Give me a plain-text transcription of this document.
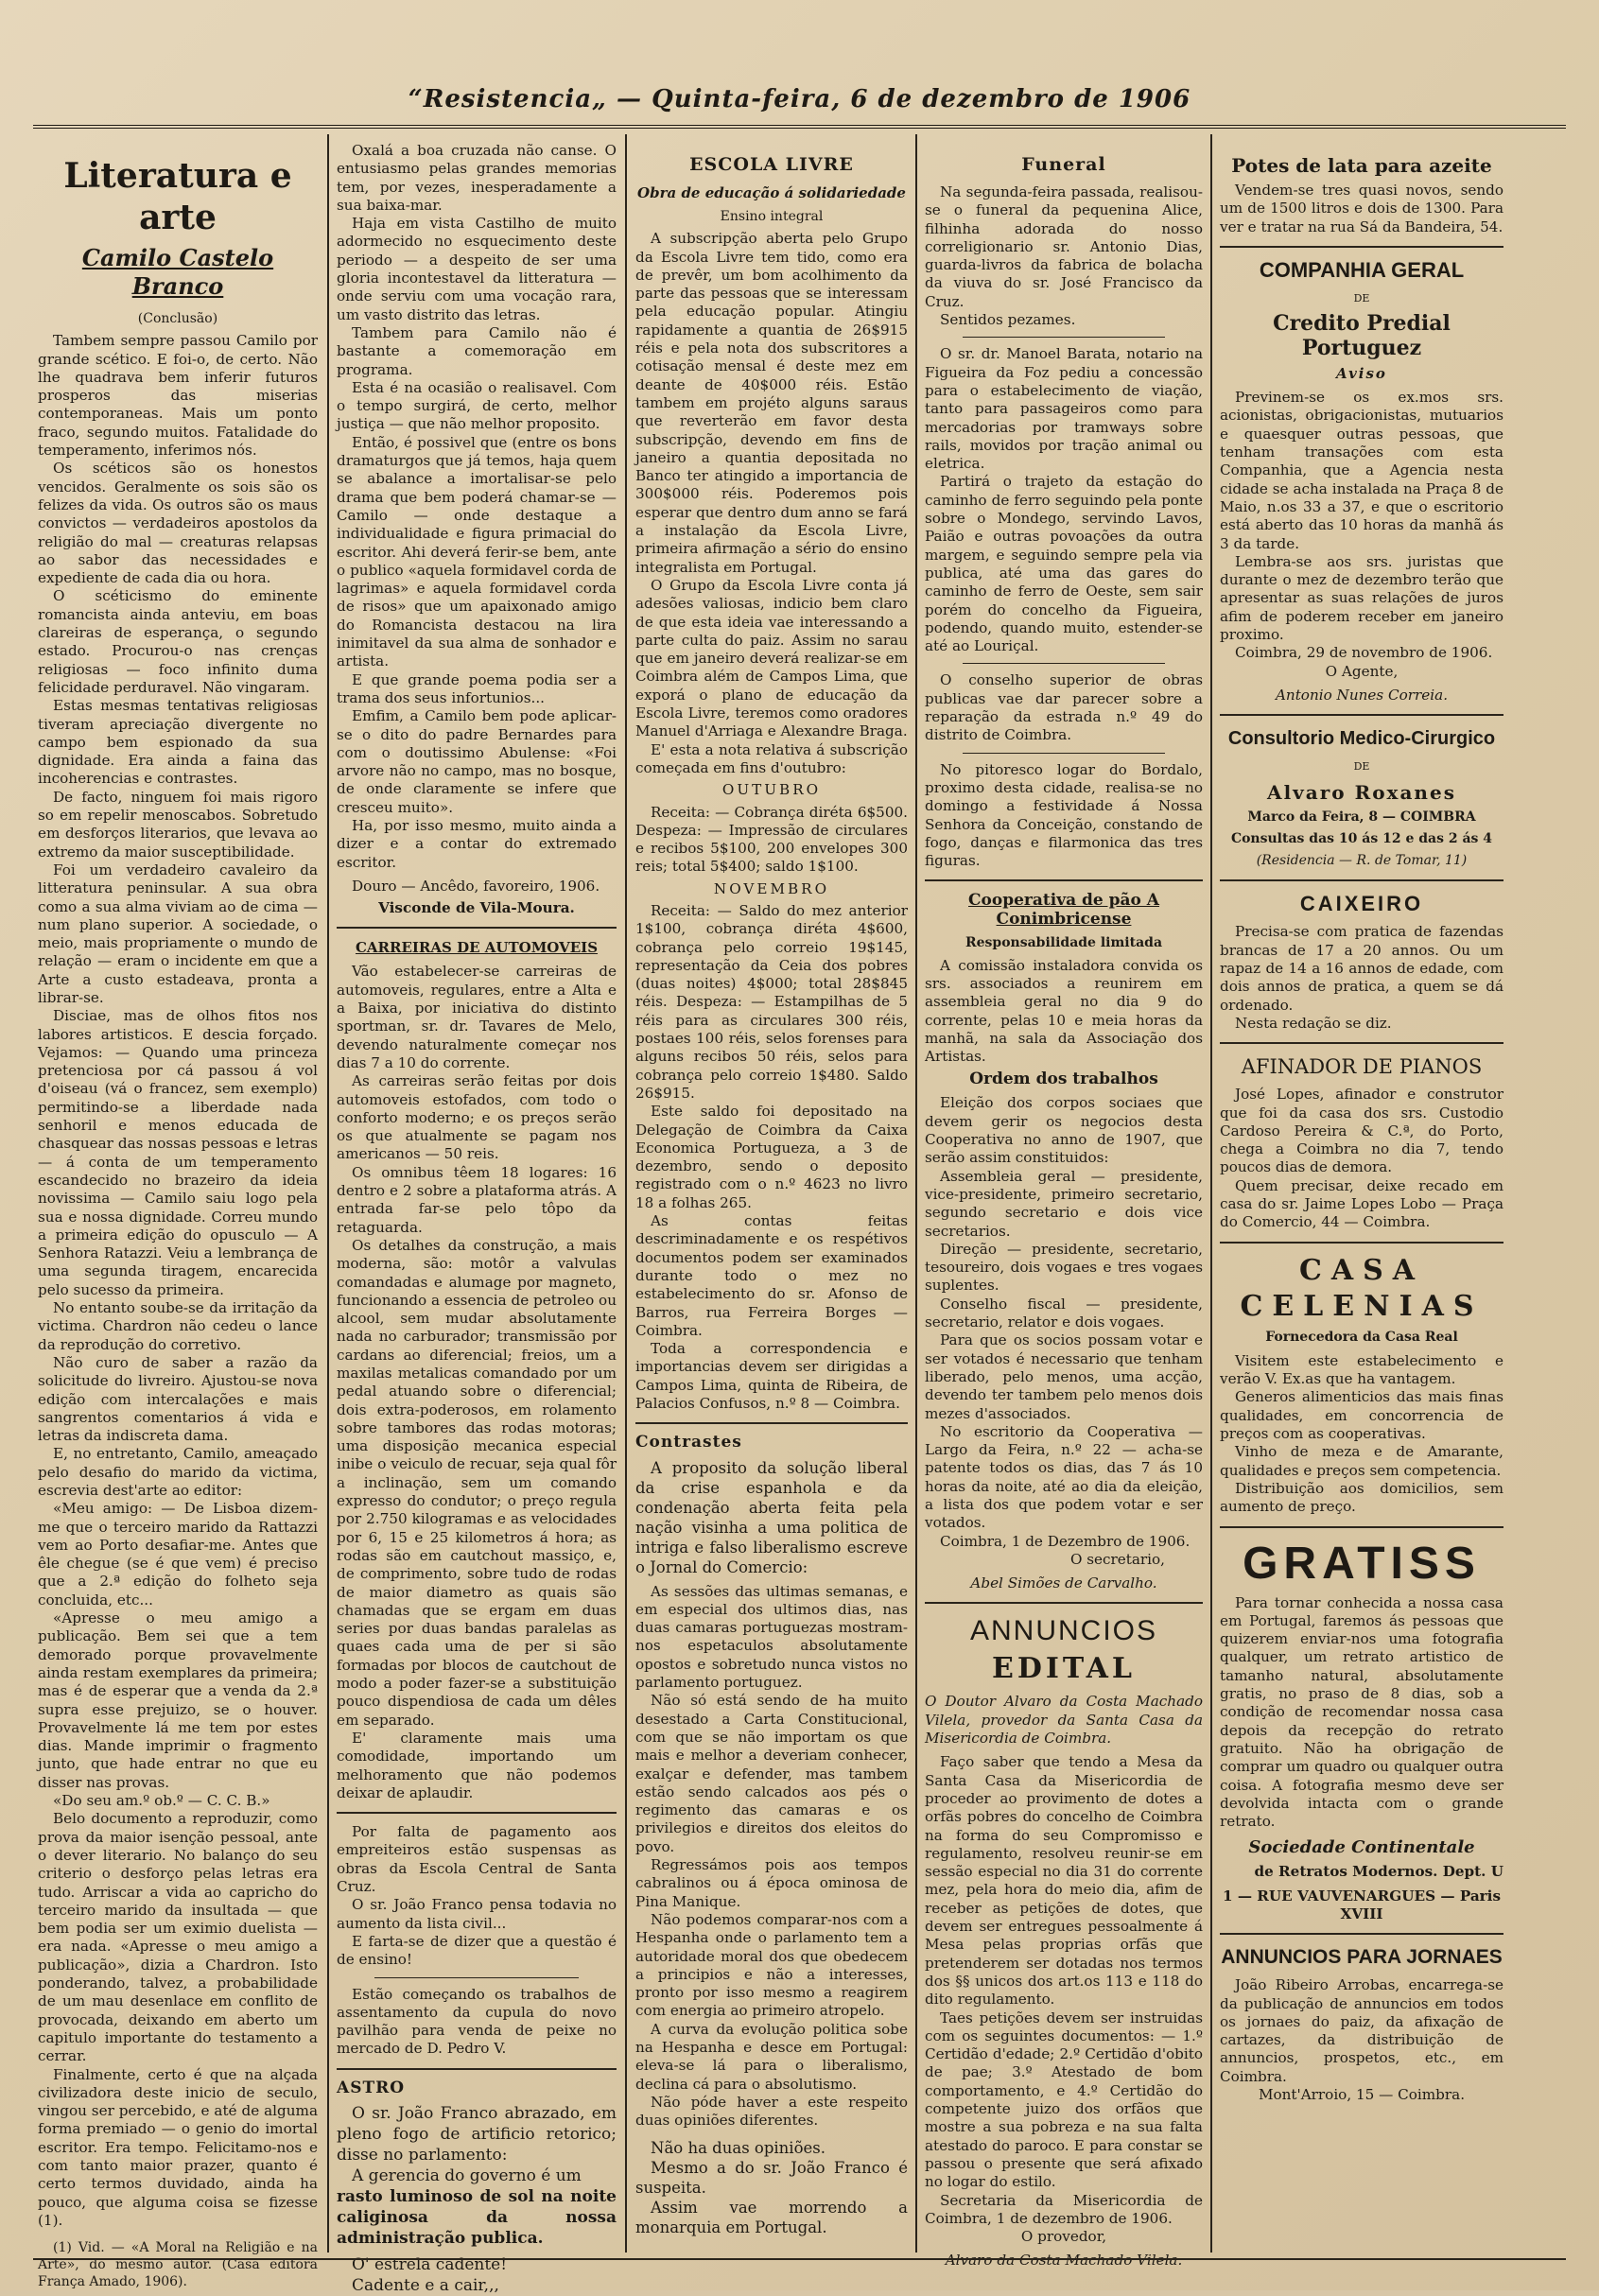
“Resistencia„ — Quinta-feira, 6 de dezembro de 1906
Literatura e arte
Camilo Castelo Branco
(Conclusão)

Tambem sempre passou Camilo por grande scético. E foi-o, de certo. Não lhe quadrava bem inferir futuros prosperos das miserias contemporaneas. Mais um ponto fraco, segundo muitos. Fatalidade do temperamento, inferimos nós.

Os scéticos são os honestos vencidos. Geralmente os sois são os felizes da vida. Os outros são os maus convictos — verdadeiros apostolos da religião do mal — creaturas relapsas ao sabor das necessidades e expediente de cada dia ou hora.

O scéticismo do eminente romancista ainda anteviu, em boas clareiras de esperança, o segundo estado. Procurou-o nas crenças religiosas — foco infinito duma felicidade perduravel. Não vingaram.

Estas mesmas tentativas religiosas tiveram apreciação divergente no campo bem espionado da sua dignidade. Era ainda a faina das incoherencias e contrastes.

De facto, ninguem foi mais rigoro so em repelir menoscabos. Sobretudo em desforços literarios, que levava ao extremo da maior susceptibilidade.

Foi um verdadeiro cavaleiro da litteratura peninsular. A sua obra como a sua alma viviam ao de cima — num plano superior. A sociedade, o meio, mais propriamente o mundo de relação — eram o incidente em que a Arte a custo estadeava, pronta a librar-se.

Disciae, mas de olhos fitos nos labores artisticos. E descia forçado. Vejamos: — Quando uma princeza pretenciosa por cá passou á vol d'oiseau (vá o francez, sem exemplo) permitindo-se a liberdade nada senhoril e menos educada de chasquear das nossas pessoas e letras — á conta de um temperamento escandecido no brazeiro da ideia novissima — Camilo saiu logo pela sua e nossa dignidade. Correu mundo a primeira edição do opusculo — A Senhora Ratazzi. Veiu a lembrança de uma segunda tiragem, encarecida pelo sucesso da primeira.

No entanto soube-se da irritação da victima. Chardron não cedeu o lance da reprodução do corretivo.

Não curo de saber a razão da solicitude do livreiro. Ajustou-se nova edição com intercalações e mais sangrentos comentarios á vida e letras da indiscreta dama.

E, no entretanto, Camilo, ameaçado pelo desafio do marido da victima, escrevia dest'arte ao editor:

«Meu amigo: — De Lisboa dizem-me que o terceiro marido da Rattazzi vem ao Porto desafiar-me. Antes que êle chegue (se é que vem) é preciso que a 2.ª edição do folheto seja concluida, etc...

«Apresse o meu amigo a publicação. Bem sei que a tem demorado porque provavelmente ainda restam exemplares da primeira; mas é de esperar que a venda da 2.ª supra esse prejuizo, se o houver. Provavelmente lá me tem por estes dias. Mande imprimir o fragmento junto, que hade entrar no que eu disser nas provas.

«Do seu am.º ob.º — C. C. B.»

Belo documento a reproduzir, como prova da maior isenção pessoal, ante o dever literario. No balanço do seu criterio o desforço pelas letras era tudo. Arriscar a vida ao capricho do terceiro marido da insultada — que bem podia ser um eximio duelista — era nada. «Apresse o meu amigo a publicação», dizia a Chardron. Isto ponderando, talvez, a probabilidade de um mau desenlace em conflito de provocada, deixando em aberto um capitulo importante do testamento a cerrar.

Finalmente, certo é que na alçada civilizadora deste inicio de seculo, vingou ser percebido, e até de alguma forma premiado — o genio do imortal escritor. Era tempo. Felicitamo-nos e com tanto maior prazer, quanto é certo termos duvidado, ainda ha pouco, que alguma coisa se fizesse (1).

(1) Vid. — «A Moral na Religião e na Arte», do mesmo autor. (Casa editora França Amado, 1906).

Oxalá a boa cruzada não canse. O entusiasmo pelas grandes memorias tem, por vezes, inesperadamente a sua baixa-mar.

Haja em vista Castilho de muito adormecido no esquecimento deste periodo — a despeito de ser uma gloria incontestavel da litteratura — onde serviu com uma vocação rara, um vasto distrito das letras.

Tambem para Camilo não é bastante a comemoração em programa.

Esta é na ocasião o realisavel. Com o tempo surgirá, de certo, melhor justiça — que não melhor proposito.

Então, é possivel que (entre os bons dramaturgos que já temos, haja quem se abalance a imortalisar-se pelo drama que bem poderá chamar-se — Camilo — onde destaque a individualidade e figura primacial do escritor. Ahi deverá ferir-se bem, ante o publico «aquela formidavel corda de lagrimas» e aquela formidavel corda de risos» que um apaixonado amigo do Romancista destacou na lira inimitavel da sua alma de sonhador e artista.

E que grande poema podia ser a trama dos seus infortunios...

Emfim, a Camilo bem pode aplicar-se o dito do padre Bernardes para com o doutissimo Abulense: «Foi arvore não no campo, mas no bosque, de onde claramente se infere que cresceu muito».

Ha, por isso mesmo, muito ainda a dizer e a contar do extremado escritor.

Douro — Ancêdo, favoreiro, 1906.

Visconde de Vila-Moura.
CARREIRAS DE AUTOMOVEIS

Vão estabelecer-se carreiras de automoveis, regulares, entre a Alta e a Baixa, por iniciativa do distinto sportman, sr. dr. Tavares de Melo, devendo naturalmente começar nos dias 7 a 10 do corrente.

As carreiras serão feitas por dois automoveis estofados, com todo o conforto moderno; e os preços serão os que atualmente se pagam nos americanos — 50 reis.

Os omnibus têem 18 logares: 16 dentro e 2 sobre a plataforma atrás. A entrada far-se pelo tôpo da retaguarda.

Os detalhes da construção, a mais moderna, são: motôr a valvulas comandadas e alumage por magneto, funcionando a essencia de petroleo ou alcool, sem mudar absolutamente nada no carburador; transmissão por cardans ao diferencial; freios, um a maxilas metalicas comandado por um pedal atuando sobre o diferencial; dois extra-poderosos, em rolamento sobre tambores das rodas motoras; uma disposição mecanica especial inibe o veiculo de recuar, seja qual fôr a inclinação, sem um comando expresso do condutor; o preço regula por 2.750 kilogramas e as velocidades por 6, 15 e 25 kilometros á hora; as rodas são em cautchout massiço, e, de comprimento, sobre tudo de rodas de maior diametro as quais são chamadas que se ergam em duas series por duas bandas paralelas as quaes cada uma de per si são formadas por blocos de cautchout de modo a poder fazer-se a substituição pouco dispendiosa de cada um dêles em separado.

E' claramente mais uma comodidade, importando um melhoramento que não podemos deixar de aplaudir.

Por falta de pagamento aos empreiteiros estão suspensas as obras da Escola Central de Santa Cruz.

O sr. João Franco pensa todavia no aumento da lista civil...

E farta-se de dizer que a questão é de ensino!

Estão começando os trabalhos de assentamento da cupula do novo pavilhão para venda de peixe no mercado de D. Pedro V.

ASTRO

O sr. João Franco abrazado, em pleno fogo de artificio retorico; disse no parlamento:

A gerencia do governo é um

rasto luminoso de sol na noite caliginosa da nossa administração publica.

O' estrela cadente!

Cadente e a cair,,,

ESCOLA LIVRE
Obra de educação á solidariedade
Ensino integral

A subscripção aberta pelo Grupo da Escola Livre tem tido, como era de prevêr, um bom acolhimento da parte das pessoas que se interessam pela educação popular. Atingiu rapidamente a quantia de 26$915 réis e pela nota dos subscritores a cotisação mensal é deste mez em deante de 40$000 réis. Estão tambem em projéto alguns saraus que reverterão em favor desta subscripção, devendo em fins de janeiro a quantia depositada no Banco ter atingido a importancia de 300$000 réis. Poderemos pois esperar que dentro dum anno se fará a instalação da Escola Livre, primeira afirmação a sério do ensino integralista em Portugal.

O Grupo da Escola Livre conta já adesões valiosas, indicio bem claro de que esta ideia vae interessando a parte culta do paiz. Assim no sarau que em janeiro deverá realizar-se em Coimbra além de Campos Lima, que exporá o plano de educação da Escola Livre, teremos como oradores Manuel d'Arriaga e Alexandre Braga.

E' esta a nota relativa á subscrição começada em fins d'outubro:

OUTUBRO

Receita: — Cobrança diréta 6$500. Despeza: — Impressão de circulares e recibos 5$100, 200 envelopes 300 reis; total 5$400; saldo 1$100.

NOVEMBRO

Receita: — Saldo do mez anterior 1$100, cobrança diréta 4$600, cobrança pelo correio 19$145, representação da Ceia dos pobres (duas noites) 4$000; total 28$845 réis. Despeza: — Estampilhas de 5 réis para as circulares 300 réis, postaes 100 réis, selos forenses para alguns recibos 50 réis, selos para cobrança pelo correio 1$480. Saldo 26$915.

Este saldo foi depositado na Delegação de Coimbra da Caixa Economica Portugueza, a 3 de dezembro, sendo o deposito registrado com o n.º 4623 no livro 18 a folhas 265.

As contas feitas descriminadamente e os respétivos documentos podem ser examinados durante todo o mez no estabelecimento do sr. Afonso de Barros, rua Ferreira Borges — Coimbra.

Toda a correspondencia e importancias devem ser dirigidas a Campos Lima, quinta de Ribeira, de Palacios Confusos, n.º 8 — Coimbra.

Contrastes

A proposito da solução liberal da crise espanhola e da condenação aberta feita pela nação visinha a uma politica de intriga e falso liberalismo escreve o Jornal do Comercio:

As sessões das ultimas semanas, e em especial dos ultimos dias, nas duas camaras portuguezas mostram-nos espetaculos absolutamente opostos e sobretudo nunca vistos no parlamento portuguez.

Não só está sendo de ha muito desestado a Carta Constitucional, com que se não importam os que mais e melhor a deveriam conhecer, exalçar e defender, mas tambem estão sendo calcados aos pés o regimento das camaras e os privilegios e direitos dos eleitos do povo.

Regressámos pois aos tempos cabralinos ou á época ominosa de Pina Manique.

Não podemos comparar-nos com a Hespanha onde o parlamento tem a autoridade moral dos que obedecem a principios e não a interesses, pronto por isso mesmo a reagirem com energia ao primeiro atropelo.

A curva da evolução politica sobe na Hespanha e desce em Portugal: eleva-se lá para o liberalismo, declina cá para o absolutismo.

Não póde haver a este respeito duas opiniões diferentes.

Não ha duas opiniões.

Mesmo a do sr. João Franco é suspeita.

Assim vae morrendo a monarquia em Portugal.

Funeral

Na segunda-feira passada, realisou-se o funeral da pequenina Alice, filhinha adorada do nosso correligionario sr. Antonio Dias, guarda-livros da fabrica de bolacha da viuva do sr. José Francisco da Cruz.

Sentidos pezames.

O sr. dr. Manoel Barata, notario na Figueira da Foz pediu a concessão para o estabelecimento de viação, tanto para passageiros como para mercadorias por tramways sobre rails, movidos por tração animal ou eletrica.

Partirá o trajeto da estação do caminho de ferro seguindo pela ponte sobre o Mondego, servindo Lavos, Paião e outras povoações da outra margem, e seguindo sempre pela via publica, até uma das gares do caminho de ferro de Oeste, sem sair porém do concelho da Figueira, podendo, quando muito, estender-se até ao Louriçal.

O conselho superior de obras publicas vae dar parecer sobre a reparação da estrada n.º 49 do distrito de Coimbra.

No pitoresco logar do Bordalo, proximo desta cidade, realisa-se no domingo a festividade á Nossa Senhora da Conceição, constando de fogo, danças e filarmonica das tres figuras.

Cooperativa de pão A Conimbricense
Responsabilidade limitada

A comissão instaladora convida os srs. associados a reunirem em assembleia geral no dia 9 do corrente, pelas 10 e meia horas da manhã, na sala da Associação dos Artistas.

Ordem dos trabalhos

Eleição dos corpos sociaes que devem gerir os negocios desta Cooperativa no anno de 1907, que serão assim constituidos:

Assembleia geral — presidente, vice-presidente, primeiro secretario, segundo secretario e dois vice secretarios.

Direção — presidente, secretario, tesoureiro, dois vogaes e tres vogaes suplentes.

Conselho fiscal — presidente, secretario, relator e dois vogaes.

Para que os socios possam votar e ser votados é necessario que tenham liberado, pelo menos, uma acção, devendo ter tambem pelo menos dois mezes d'associados.

No escritorio da Cooperativa — Largo da Feira, n.º 22 — acha-se patente todos os dias, das 7 ás 10 horas da noite, até ao dia da eleição, a lista dos que podem votar e ser votados.

Coimbra, 1 de Dezembro de 1906.

O secretario,
Abel Simões de Carvalho.
ANNUNCIOS
EDITAL

O Doutor Alvaro da Costa Machado Vilela, provedor da Santa Casa da Misericordia de Coimbra.

Faço saber que tendo a Mesa da Santa Casa da Misericordia de proceder ao provimento de dotes a orfãs pobres do concelho de Coimbra na forma do seu Compromisso e regulamento, resolveu reunir-se em sessão especial no dia 31 do corrente mez, pela hora do meio dia, afim de receber as petições de dotes, que devem ser entregues pessoalmente á Mesa pelas proprias orfãs que pretenderem ser dotadas nos termos dos §§ unicos dos art.os 113 e 118 do dito regulamento.

Taes petições devem ser instruidas com os seguintes documentos: — 1.º Certidão d'edade; 2.º Certidão d'obito de pae; 3.º Atestado de bom comportamento, e 4.º Certidão do competente juizo dos orfãos que mostre a sua pobreza e na sua falta atestado do paroco. E para constar se passou o presente que será afixado no logar do estilo.

Secretaria da Misericordia de Coimbra, 1 de dezembro de 1906.

O provedor,
Alvaro da Costa Machado Vilela.
Potes de lata para azeite

Vendem-se tres quasi novos, sendo um de 1500 litros e dois de 1300. Para ver e tratar na rua Sá da Bandeira, 54.

COMPANHIA GERAL
DE
Credito Predial Portuguez
Aviso

Previnem-se os ex.mos srs. acionistas, obrigacionistas, mutuarios e quaesquer outras pessoas, que tenham transações com esta Companhia, que a Agencia nesta cidade se acha instalada na Praça 8 de Maio, n.os 33 a 37, e que o escritorio está aberto das 10 horas da manhã ás 3 da tarde.

Lembra-se aos srs. juristas que durante o mez de dezembro terão que apresentar as suas relações de juros afim de poderem receber em janeiro proximo.

Coimbra, 29 de novembro de 1906.

O Agente,
Antonio Nunes Correia.
Consultorio Medico-Cirurgico
DE
Alvaro Roxanes
Marco da Feira, 8 — COIMBRA
Consultas das 10 ás 12 e das 2 ás 4
(Residencia — R. de Tomar, 11)
CAIXEIRO

Precisa-se com pratica de fazendas brancas de 17 a 20 annos. Ou um rapaz de 14 a 16 annos de edade, com dois annos de pratica, a quem se dá ordenado.

Nesta redação se diz.

AFINADOR DE PIANOS

José Lopes, afinador e construtor que foi da casa dos srs. Custodio Cardoso Pereira & C.ª, do Porto, chega a Coimbra no dia 7, tendo poucos dias de demora.

Quem precisar, deixe recado em casa do sr. Jaime Lopes Lobo — Praça do Comercio, 44 — Coimbra.

CASA CELENIAS
Fornecedora da Casa Real

Visitem este estabelecimento e verão V. Ex.as que ha vantagem.

Generos alimenticios das mais finas qualidades, em concorrencia de preços com as cooperativas.

Vinho de meza e de Amarante, qualidades e preços sem competencia.

Distribuição aos domicilios, sem aumento de preço.

GRATISS

Para tornar conhecida a nossa casa em Portugal, faremos ás pessoas que quizerem enviar-nos uma fotografia qualquer, um retrato artistico de tamanho natural, absolutamente gratis, no praso de 8 dias, sob a condição de recomendar nossa casa depois da recepção do retrato gratuito. Não ha obrigação de comprar um quadro ou qualquer outra coisa. A fotografia mesmo deve ser devolvida intacta com o grande retrato.

Sociedade Continentale
de Retratos Modernos. Dept. U
1 — RUE VAUVENARGUES — Paris XVIII
ANNUNCIOS PARA JORNAES

João Ribeiro Arrobas, encarrega-se da publicação de annuncios em todos os jornaes do paiz, da afixação de cartazes, da distribuição de annuncios, prospetos, etc., em Coimbra.

Mont'Arroio, 15 — Coimbra.
